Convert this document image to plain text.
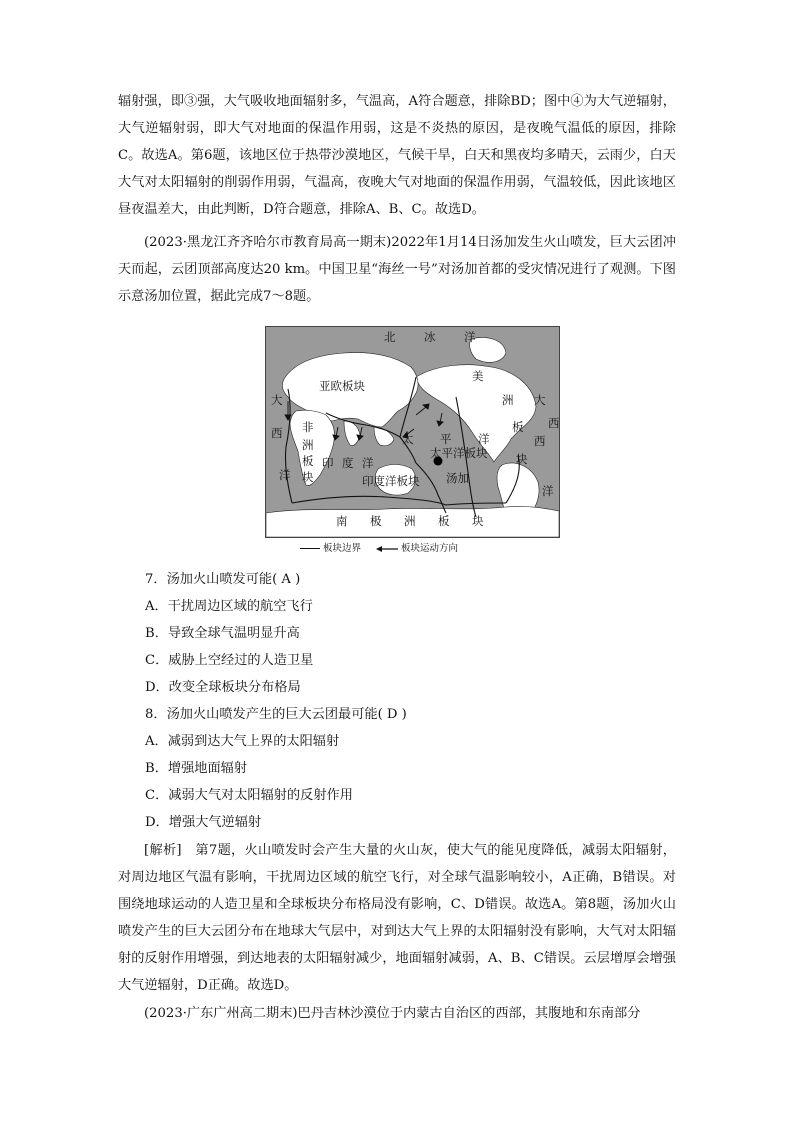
辐射强，即③强，大气吸收地面辐射多，气温高，A符合题意，排除BD；图中④为大气逆辐射，大气逆辐射弱，即大气对地面的保温作用弱，这是不炎热的原因，是夜晚气温低的原因，排除C。故选A。第6题，该地区位于热带沙漠地区，气候干旱，白天和黑夜均多晴天，云雨少，白天大气对太阳辐射的削弱作用弱，气温高，夜晚大气对地面的保温作用弱，气温较低，因此该地区昼夜温差大，由此判断，D符合题意，排除A、B、C。故选D。

(2023·黑龙江齐齐哈尔市教育局高一期末)2022年1月14日汤加发生火山喷发，巨大云团冲天而起，云团顶部高度达20 km。中国卫星“海丝一号”对汤加首都的受灾情况进行了观测。下图示意汤加位置，据此完成7～8题。

北 冰 洋
亚欧板块
美
洲
大
西
洋
非
洲
板
块
印 度 洋
太 平 洋
太平洋板块
大
板
西
块
洋
西
印度洋板块 汤加
南 极 洲 板 块
板块边界	板块运动方向
7．汤加火山喷发可能( A )
A．干扰周边区域的航空飞行
B．导致全球气温明显升高
C．威胁上空经过的人造卫星
D．改变全球板块分布格局
8．汤加火山喷发产生的巨大云团最可能( D )
A．减弱到达大气上界的太阳辐射
B．增强地面辐射
C．减弱大气对太阳辐射的反射作用
D．增强大气逆辐射

[解析]　第7题，火山喷发时会产生大量的火山灰，使大气的能见度降低，减弱太阳辐射，对周边地区气温有影响，干扰周边区域的航空飞行，对全球气温影响较小，A正确，B错误。对围绕地球运动的人造卫星和全球板块分布格局没有影响，C、D错误。故选A。第8题，汤加火山喷发产生的巨大云团分布在地球大气层中，对到达大气上界的太阳辐射没有影响，大气对太阳辐射的反射作用增强，到达地表的太阳辐射减少，地面辐射减弱，A、B、C错误。云层增厚会增强大气逆辐射，D正确。故选D。

(2023·广东广州高二期末)巴丹吉林沙漠位于内蒙古自治区的西部，其腹地和东南部分
